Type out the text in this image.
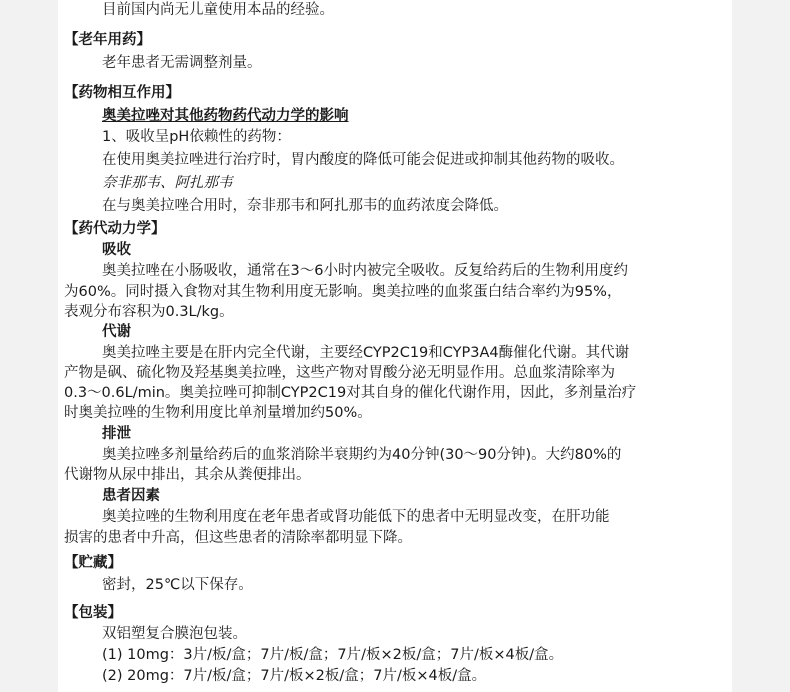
目前国内尚无儿童使用本品的经验。
【老年用药】
老年患者无需调整剂量。
【药物相互作用】
奥美拉唑对其他药物药代动力学的影响
1、吸收呈pH依赖性的药物：
在使用奥美拉唑进行治疗时，胃内酸度的降低可能会促进或抑制其他药物的吸收。
奈非那韦、阿扎那韦
在与奥美拉唑合用时，奈非那韦和阿扎那韦的血药浓度会降低。
【药代动力学】
吸收
奥美拉唑在小肠吸收，通常在3～6小时内被完全吸收。反复给药后的生物利用度约
为60%。同时摄入食物对其生物利用度无影响。奥美拉唑的血浆蛋白结合率约为95%，
表观分布容积为0.3L/kg。
代谢
奥美拉唑主要是在肝内完全代谢，主要经CYP2C19和CYP3A4酶催化代谢。其代谢
产物是砜、硫化物及羟基奥美拉唑，这些产物对胃酸分泌无明显作用。总血浆清除率为
0.3～0.6L/min。奥美拉唑可抑制CYP2C19对其自身的催化代谢作用，因此，多剂量治疗
时奥美拉唑的生物利用度比单剂量增加约50%。
排泄
奥美拉唑多剂量给药后的血浆消除半衰期约为40分钟(30～90分钟)。大约80%的
代谢物从尿中排出，其余从粪便排出。
患者因素
奥美拉唑的生物利用度在老年患者或肾功能低下的患者中无明显改变，在肝功能
损害的患者中升高，但这些患者的清除率都明显下降。
【贮藏】
密封，25℃以下保存。
【包装】
双铝塑复合膜泡包装。
(1) 10mg：3片/板/盒；7片/板/盒；7片/板×2板/盒；7片/板×4板/盒。
(2) 20mg：7片/板/盒；7片/板×2板/盒；7片/板×4板/盒。
